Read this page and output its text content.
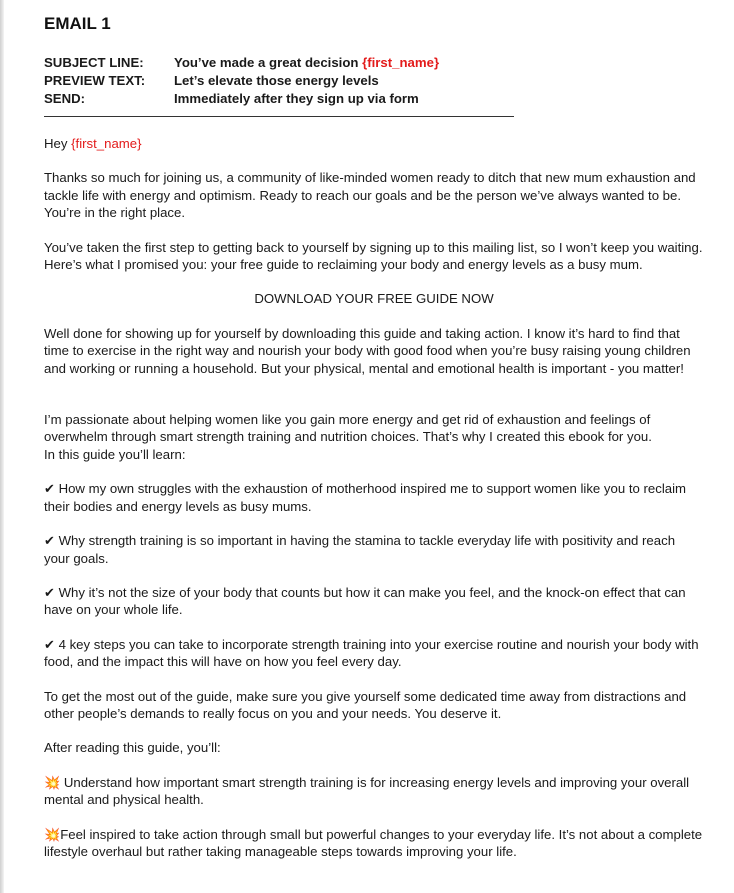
EMAIL 1
SUBJECT LINE:	You’ve made a great decision {first_name}
PREVIEW TEXT:	Let’s elevate those energy levels
SEND:	Immediately after they sign up via form

Hey {first_name}

Thanks so much for joining us, a community of like-minded women ready to ditch that new mum exhaustion and tackle life with energy and optimism. Ready to reach our goals and be the person we’ve always wanted to be. You’re in the right place.

You’ve taken the first step to getting back to yourself by signing up to this mailing list, so I won’t keep you waiting. Here’s what I promised you: your free guide to reclaiming your body and energy levels as a busy mum.

DOWNLOAD YOUR FREE GUIDE NOW

Well done for showing up for yourself by downloading this guide and taking action. I know it’s hard to find that time to exercise in the right way and nourish your body with good food when you’re busy raising young children and working or running a household. But your physical, mental and emotional health is important - you matter!

I’m passionate about helping women like you gain more energy and get rid of exhaustion and feelings of overwhelm through smart strength training and nutrition choices. That’s why I created this ebook for you.

In this guide you’ll learn:

✔ How my own struggles with the exhaustion of motherhood inspired me to support women like you to reclaim their bodies and energy levels as busy mums.

✔ Why strength training is so important in having the stamina to tackle everyday life with positivity and reach your goals.

✔ Why it’s not the size of your body that counts but how it can make you feel, and the knock-on effect that can have on your whole life.

✔ 4 key steps you can take to incorporate strength training into your exercise routine and nourish your body with food, and the impact this will have on how you feel every day.

To get the most out of the guide, make sure you give yourself some dedicated time away from distractions and other people’s demands to really focus on you and your needs. You deserve it.

After reading this guide, you’ll:

💥 Understand how important smart strength training is for increasing energy levels and improving your overall mental and physical health.

💥Feel inspired to take action through small but powerful changes to your everyday life. It’s not about a complete lifestyle overhaul but rather taking manageable steps towards improving your life.
